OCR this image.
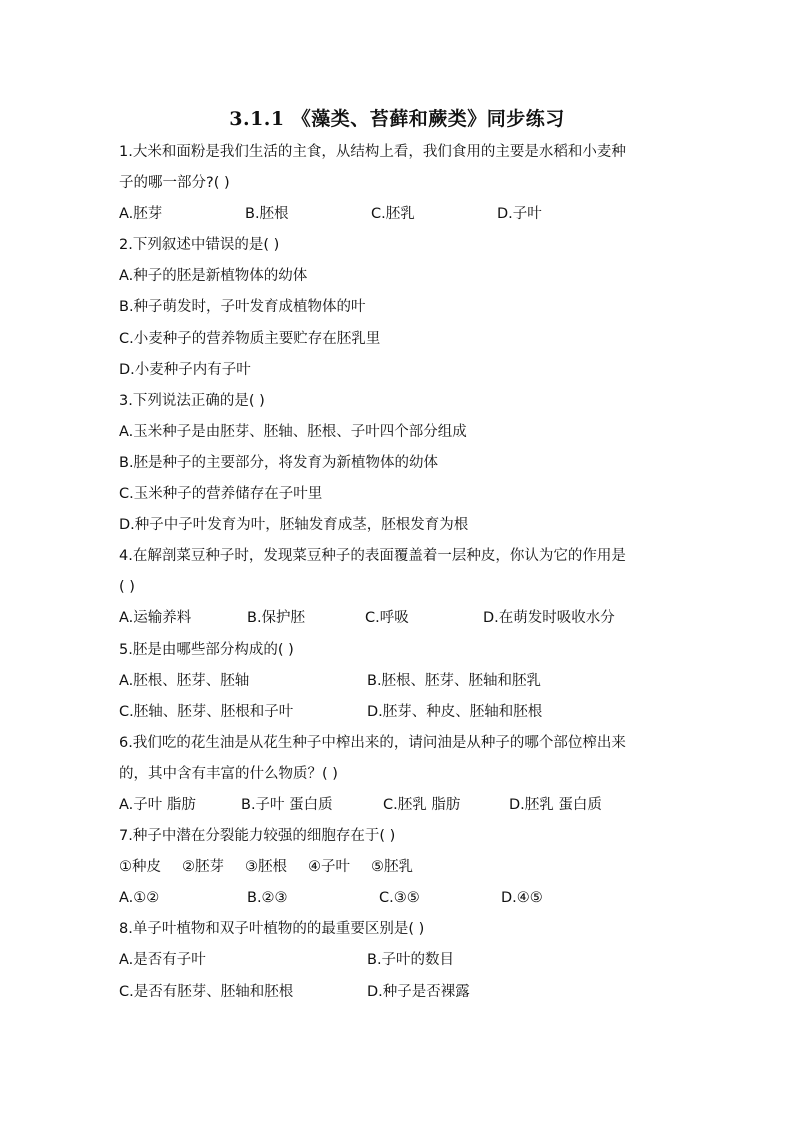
3.1.1 《藻类、苔藓和蕨类》同步练习
1.大米和面粉是我们生活的主食，从结构上看，我们食用的主要是水稻和小麦种
子的哪一部分?( )
A.胚芽	B.胚根	C.胚乳	D.子叶
2.下列叙述中错误的是( )
A.种子的胚是新植物体的幼体
B.种子萌发时，子叶发育成植物体的叶
C.小麦种子的营养物质主要贮存在胚乳里
D.小麦种子内有子叶
3.下列说法正确的是( )
A.玉米种子是由胚芽、胚轴、胚根、子叶四个部分组成
B.胚是种子的主要部分，将发育为新植物体的幼体
C.玉米种子的营养储存在子叶里
D.种子中子叶发育为叶，胚轴发育成茎，胚根发育为根
4.在解剖菜豆种子时，发现菜豆种子的表面覆盖着一层种皮，你认为它的作用是
( )
A.运输养料	B.保护胚	C.呼吸	D.在萌发时吸收水分
5.胚是由哪些部分构成的( )
A.胚根、胚芽、胚轴	B.胚根、胚芽、胚轴和胚乳
C.胚轴、胚芽、胚根和子叶	D.胚芽、种皮、胚轴和胚根
6.我们吃的花生油是从花生种子中榨出来的，请问油是从种子的哪个部位榨出来
的，其中含有丰富的什么物质？( )
A.子叶 脂肪	B.子叶 蛋白质	C.胚乳 脂肪	D.胚乳 蛋白质
7.种子中潜在分裂能力较强的细胞存在于( )
①种皮	②胚芽	③胚根	④子叶	⑤胚乳
A.①②	B.②③	C.③⑤	D.④⑤
8.单子叶植物和双子叶植物的的最重要区别是( )
A.是否有子叶	B.子叶的数目
C.是否有胚芽、胚轴和胚根	D.种子是否裸露
